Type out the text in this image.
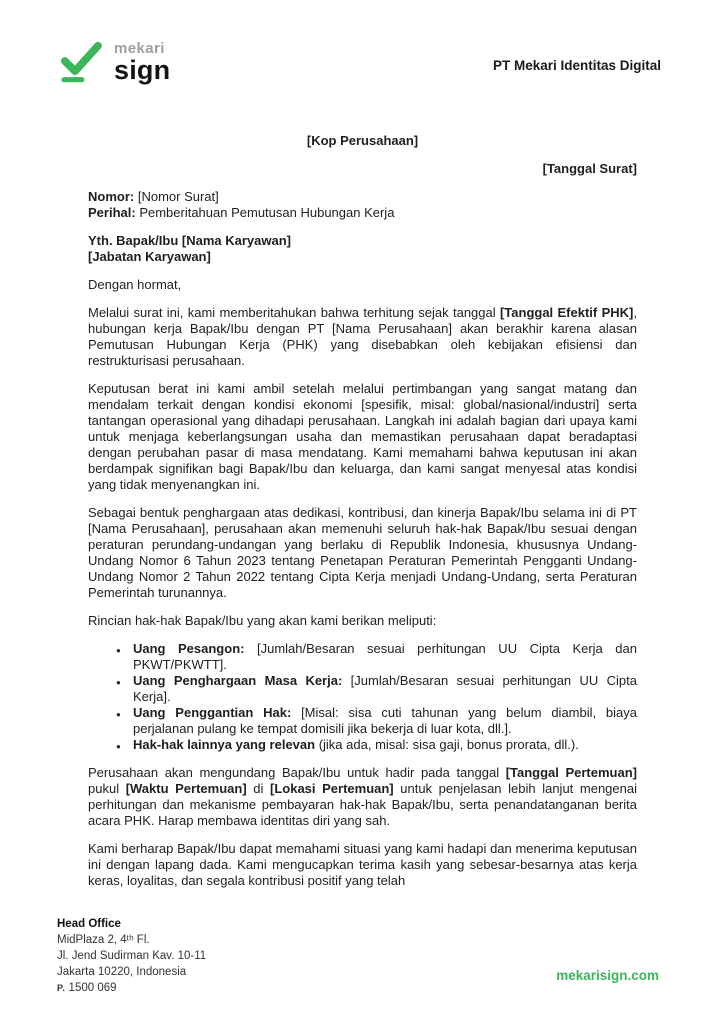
mekari
sign	PT Mekari Identitas Digital

[Kop Perusahaan]

[Tanggal Surat]

Nomor: [Nomor Surat]

Perihal: Pemberitahuan Pemutusan Hubungan Kerja

Yth. Bapak/Ibu [Nama Karyawan]

[Jabatan Karyawan]

Dengan hormat,

Melalui surat ini, kami memberitahukan bahwa terhitung sejak tanggal [Tanggal Efektif PHK], hubungan kerja Bapak/Ibu dengan PT [Nama Perusahaan] akan berakhir karena alasan Pemutusan Hubungan Kerja (PHK) yang disebabkan oleh kebijakan efisiensi dan restrukturisasi perusahaan.

Keputusan berat ini kami ambil setelah melalui pertimbangan yang sangat matang dan mendalam terkait dengan kondisi ekonomi [spesifik, misal: global/nasional/industri] serta tantangan operasional yang dihadapi perusahaan. Langkah ini adalah bagian dari upaya kami untuk menjaga keberlangsungan usaha dan memastikan perusahaan dapat beradaptasi dengan perubahan pasar di masa mendatang. Kami memahami bahwa keputusan ini akan berdampak signifikan bagi Bapak/Ibu dan keluarga, dan kami sangat menyesal atas kondisi yang tidak menyenangkan ini.

Sebagai bentuk penghargaan atas dedikasi, kontribusi, dan kinerja Bapak/Ibu selama ini di PT [Nama Perusahaan], perusahaan akan memenuhi seluruh hak-hak Bapak/Ibu sesuai dengan peraturan perundang-undangan yang berlaku di Republik Indonesia, khususnya Undang-Undang Nomor 6 Tahun 2023 tentang Penetapan Peraturan Pemerintah Pengganti Undang-Undang Nomor 2 Tahun 2022 tentang Cipta Kerja menjadi Undang-Undang, serta Peraturan Pemerintah turunannya.

Rincian hak-hak Bapak/Ibu yang akan kami berikan meliputi:

● Uang Pesangon: [Jumlah/Besaran sesuai perhitungan UU Cipta Kerja dan PKWT/PKWTT].
● Uang Penghargaan Masa Kerja: [Jumlah/Besaran sesuai perhitungan UU Cipta Kerja].
● Uang Penggantian Hak: [Misal: sisa cuti tahunan yang belum diambil, biaya perjalanan pulang ke tempat domisili jika bekerja di luar kota, dll.].
● Hak-hak lainnya yang relevan (jika ada, misal: sisa gaji, bonus prorata, dll.).

Perusahaan akan mengundang Bapak/Ibu untuk hadir pada tanggal [Tanggal Pertemuan] pukul [Waktu Pertemuan] di [Lokasi Pertemuan] untuk penjelasan lebih lanjut mengenai perhitungan dan mekanisme pembayaran hak-hak Bapak/Ibu, serta penandatanganan berita acara PHK. Harap membawa identitas diri yang sah.

Kami berharap Bapak/Ibu dapat memahami situasi yang kami hadapi dan menerima keputusan ini dengan lapang dada. Kami mengucapkan terima kasih yang sebesar-besarnya atas kerja keras, loyalitas, dan segala kontribusi positif yang telah

Head Office

MidPlaza 2, 4ᵗʰ Fl.

Jl. Jend Sudirman Kav. 10-11

Jakarta 10220, Indonesia

P. 1500 069

mekarisign.com
